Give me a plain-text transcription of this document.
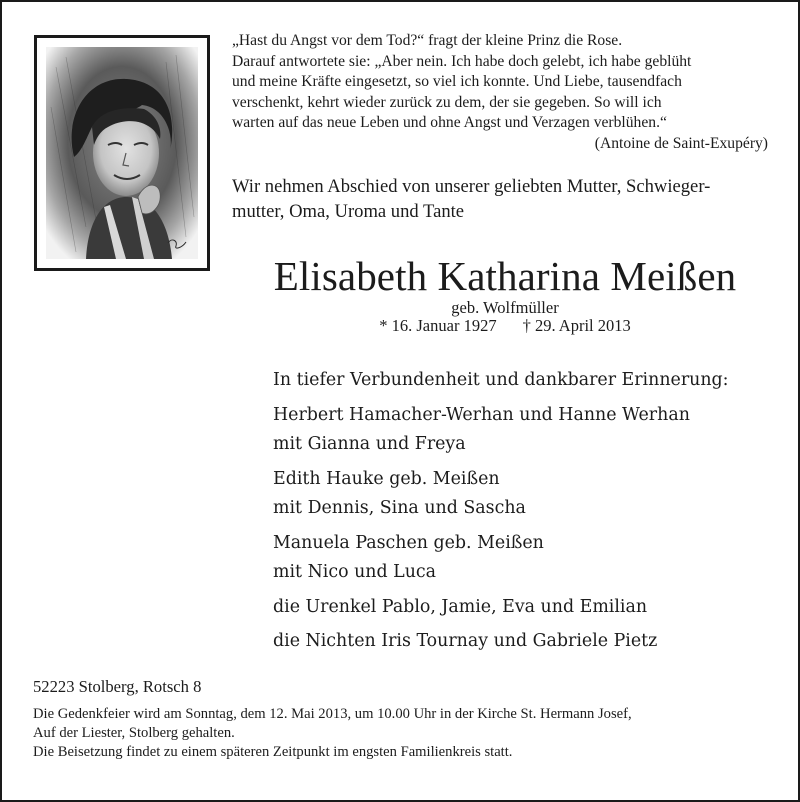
„Hast du Angst vor dem Tod?“ fragt der kleine Prinz die Rose.

Darauf antwortete sie: „Aber nein. Ich habe doch gelebt, ich habe geblüht

und meine Kräfte eingesetzt, so viel ich konnte. Und Liebe, tausendfach

verschenkt, kehrt wieder zurück zu dem, der sie gegeben. So will ich

warten auf das neue Leben und ohne Angst und Verzagen verblühen.“

(Antoine de Saint-Exupéry)

Wir nehmen Abschied von unserer geliebten Mutter, Schwieger-

mutter, Oma, Uroma und Tante

Elisabeth Katharina Meißen
geb. Wolfmüller
* 16. Januar 1927 † 29. April 2013

In tiefer Verbundenheit und dankbarer Erinnerung:

Herbert Hamacher-Werhan und Hanne Werhan

mit Gianna und Freya

Edith Hauke geb. Meißen

mit Dennis, Sina und Sascha

Manuela Paschen geb. Meißen

mit Nico und Luca

die Urenkel Pablo, Jamie, Eva und Emilian

die Nichten Iris Tournay und Gabriele Pietz

52223 Stolberg, Rotsch 8

Die Gedenkfeier wird am Sonntag, dem 12. Mai 2013, um 10.00 Uhr in der Kirche St. Hermann Josef,

Auf der Liester, Stolberg gehalten.

Die Beisetzung findet zu einem späteren Zeitpunkt im engsten Familienkreis statt.
